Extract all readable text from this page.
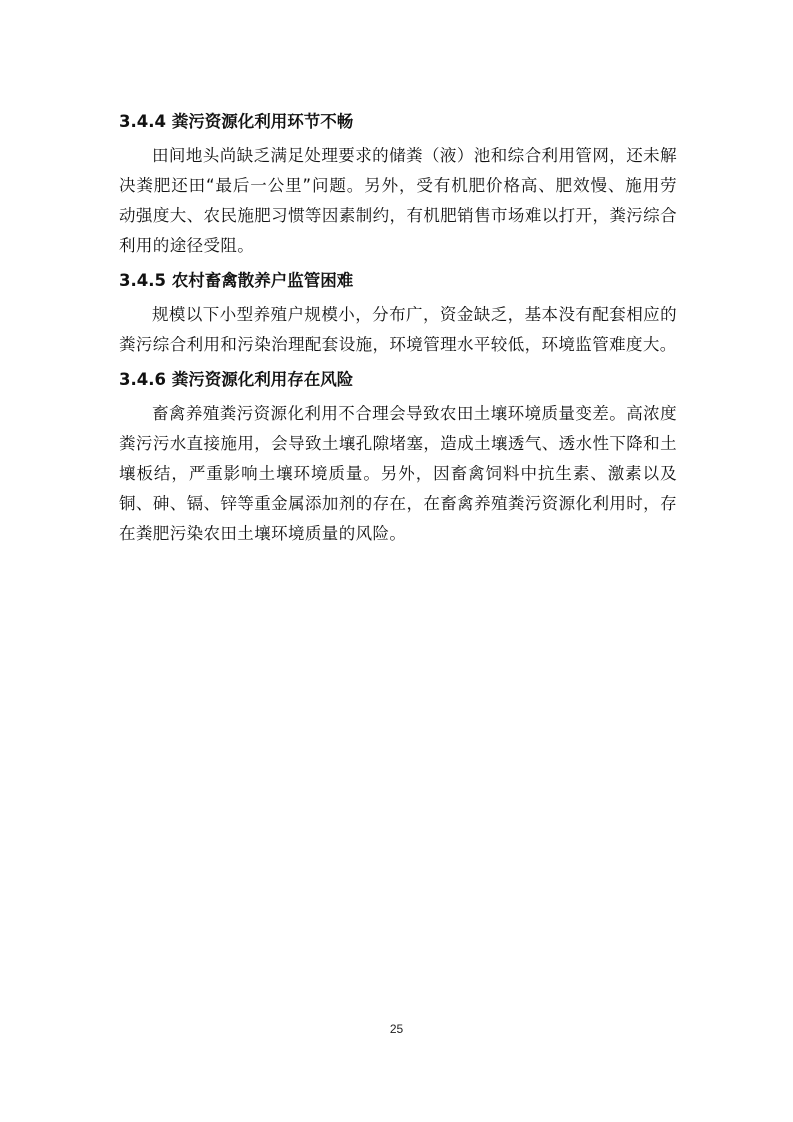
3.4.4 粪污资源化利用环节不畅

田间地头尚缺乏满足处理要求的储粪（液）池和综合利用管网，还未解决粪肥还田“最后一公里”问题。另外，受有机肥价格高、肥效慢、施用劳动强度大、农民施肥习惯等因素制约，有机肥销售市场难以打开，粪污综合利用的途径受阻。

3.4.5 农村畜禽散养户监管困难

规模以下小型养殖户规模小，分布广，资金缺乏，基本没有配套相应的粪污综合利用和污染治理配套设施，环境管理水平较低，环境监管难度大。

3.4.6 粪污资源化利用存在风险

畜禽养殖粪污资源化利用不合理会导致农田土壤环境质量变差。高浓度粪污污水直接施用，会导致土壤孔隙堵塞，造成土壤透气、透水性下降和土壤板结，严重影响土壤环境质量。另外，因畜禽饲料中抗生素、激素以及铜、砷、镉、锌等重金属添加剂的存在，在畜禽养殖粪污资源化利用时，存在粪肥污染农田土壤环境质量的风险。

25
